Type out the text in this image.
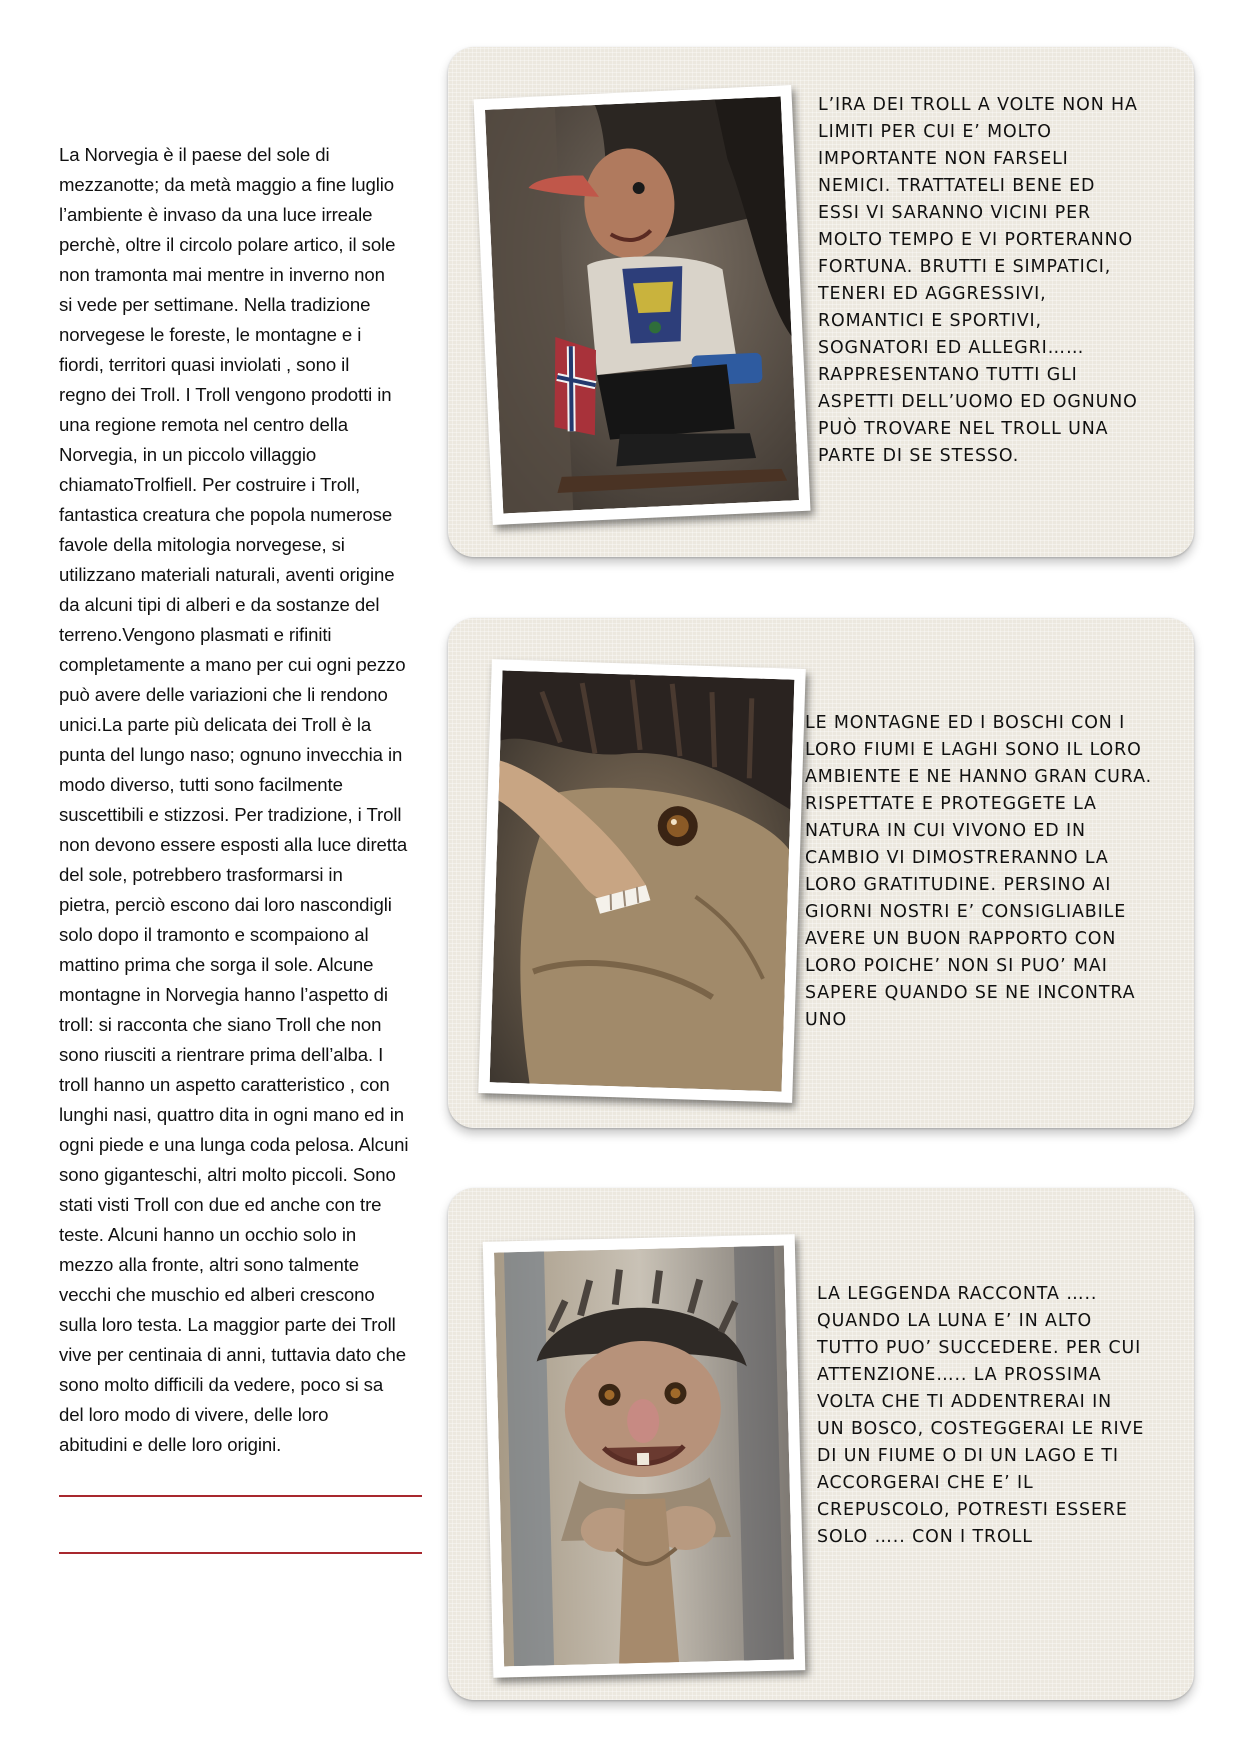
La Norvegia è il paese del sole di
mezzanotte; da metà maggio a fine luglio
l’ambiente è invaso da una luce irreale
perchè, oltre il circolo polare artico, il sole
non tramonta mai mentre in inverno non
si vede per settimane. Nella tradizione
norvegese le foreste, le montagne e i
fiordi, territori quasi inviolati , sono il
regno dei Troll. I Troll vengono prodotti in
una regione remota nel centro della
Norvegia, in un piccolo villaggio
chiamatoTrolfiell. Per costruire i Troll,
fantastica creatura che popola numerose
favole della mitologia norvegese, si
utilizzano materiali naturali, aventi origine
da alcuni tipi di alberi e da sostanze del
terreno.Vengono plasmati e rifiniti
completamente a mano per cui ogni pezzo
può avere delle variazioni che li rendono
unici.La parte più delicata dei Troll è la
punta del lungo naso; ognuno invecchia in
modo diverso, tutti sono facilmente
suscettibili e stizzosi. Per tradizione, i Troll
non devono essere esposti alla luce diretta
del sole, potrebbero trasformarsi in
pietra, perciò escono dai loro nascondigli
solo dopo il tramonto e scompaiono al
mattino prima che sorga il sole. Alcune
montagne in Norvegia hanno l’aspetto di
troll: si racconta che siano Troll che non
sono riusciti a rientrare prima dell’alba. I
troll hanno un aspetto caratteristico , con
lunghi nasi, quattro dita in ogni mano ed in
ogni piede e una lunga coda pelosa. Alcuni
sono giganteschi, altri molto piccoli. Sono
stati visti Troll con due ed anche con tre
teste. Alcuni hanno un occhio solo in
mezzo alla fronte, altri sono talmente
vecchi che muschio ed alberi crescono
sulla loro testa. La maggior parte dei Troll
vive per centinaia di anni, tuttavia dato che
sono molto difficili da vedere, poco si sa
del loro modo di vivere, delle loro
abitudini e delle loro origini.
L’IRA DEI TROLL A VOLTE NON HA
LIMITI PER CUI E’ MOLTO
IMPORTANTE NON FARSELI
NEMICI. TRATTATELI BENE ED
ESSI VI SARANNO VICINI PER
MOLTO TEMPO E VI PORTERANNO
FORTUNA. BRUTTI E SIMPATICI,
TENERI ED AGGRESSIVI,
ROMANTICI E SPORTIVI,
SOGNATORI ED ALLEGRI……
RAPPRESENTANO TUTTI GLI
ASPETTI DELL’UOMO ED OGNUNO
PUÒ TROVARE NEL TROLL UNA
PARTE DI SE STESSO.
LE MONTAGNE ED I BOSCHI CON I
LORO FIUMI E LAGHI SONO IL LORO
AMBIENTE E NE HANNO GRAN CURA.
RISPETTATE E PROTEGGETE LA
NATURA IN CUI VIVONO ED IN
CAMBIO VI DIMOSTRERANNO LA
LORO GRATITUDINE. PERSINO AI
GIORNI NOSTRI E’ CONSIGLIABILE
AVERE UN BUON RAPPORTO CON
LORO POICHE’ NON SI PUO’ MAI
SAPERE QUANDO SE NE INCONTRA
UNO
LA LEGGENDA RACCONTA …..
QUANDO LA LUNA E’ IN ALTO
TUTTO PUO’ SUCCEDERE. PER CUI
ATTENZIONE….. LA PROSSIMA
VOLTA CHE TI ADDENTRERAI IN
UN BOSCO, COSTEGGERAI LE RIVE
DI UN FIUME O DI UN LAGO E TI
ACCORGERAI CHE E’ IL
CREPUSCOLO, POTRESTI ESSERE
SOLO ….. CON I TROLL
